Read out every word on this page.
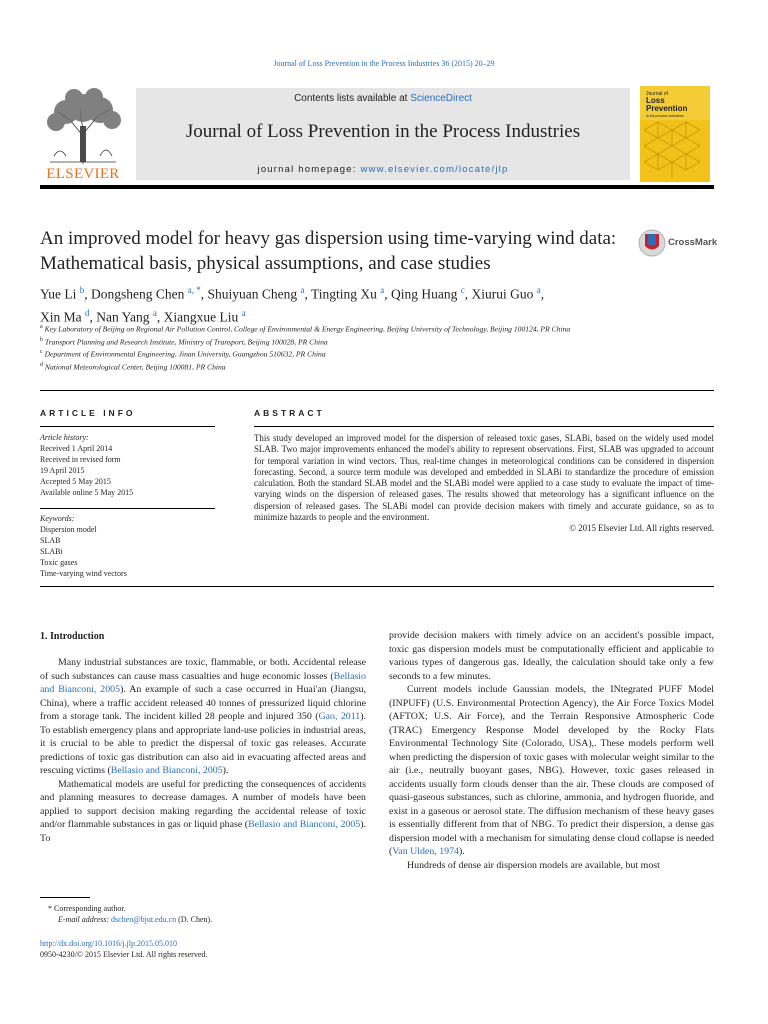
Journal of Loss Prevention in the Process Industries 36 (2015) 20–29
ELSEVIER
Contents lists available at ScienceDirect
Journal of Loss Prevention in the Process Industries
journal homepage: www.elsevier.com/locate/jlp
Journal of
Loss
Prevention
in the process industries
An improved model for heavy gas dispersion using time-varying wind data: Mathematical basis, physical assumptions, and case studies
CrossMark
Yue Li $^b$, Dongsheng Chen $^{a, *}$, Shuiyuan Cheng $^a$, Tingting Xu $^a$, Qing Huang $^c$, Xiurui Guo $^a$,
Xin Ma $^d$, Nan Yang $^a$, Xiangxue Liu $^a$
$^a$ Key Laboratory of Beijing on Regional Air Pollution Control, College of Environmental & Energy Engineering, Beijing University of Technology, Beijing 100124, PR China
$^b$ Transport Planning and Research Institute, Ministry of Transport, Beijing 100028, PR China
$^c$ Department of Environmental Engineering, Jinan University, Guangzhou 510632, PR China
$^d$ National Meteorological Center, Beijing 100081, PR China
ARTICLE INFO
Article history:
Received 1 April 2014
Received in revised form
19 April 2015
Accepted 5 May 2015
Available online 5 May 2015
Keywords:
Dispersion model
SLAB
SLABi
Toxic gases
Time-varying wind vectors
ABSTRACT
This study developed an improved model for the dispersion of released toxic gases, SLABi, based on the widely used model SLAB. Two major improvements enhanced the model's ability to represent observations. First, SLAB was upgraded to account for temporal variation in wind vectors. Thus, real-time changes in meteorological conditions can be considered in dispersion forecasting. Second, a source term module was developed and embedded in SLABi to standardize the procedure of emission calculation. Both the standard SLAB model and the SLABi model were applied to a case study to evaluate the impact of time-varying winds on the dispersion of released gases. The results showed that meteorology has a significant influence on the dispersion of released gases. The SLABi model can provide decision makers with timely and accurate guidance, so as to minimize hazards to people and the environment.
© 2015 Elsevier Ltd. All rights reserved.
1. Introduction

Many industrial substances are toxic, flammable, or both. Accidental release of such substances can cause mass casualties and huge economic losses (Bellasio and Bianconi, 2005). An example of such a case occurred in Huai'an (Jiangsu, China), where a traffic accident released 40 tonnes of pressurized liquid chlorine from a storage tank. The incident killed 28 people and injured 350 (Gao, 2011). To establish emergency plans and appropriate land-use policies in industrial areas, it is crucial to be able to predict the dispersal of toxic gas releases. Accurate predictions of toxic gas distribution can also aid in evacuating affected areas and rescuing victims (Bellasio and Bianconi, 2005).

Mathematical models are useful for predicting the consequences of accidents and planning measures to decrease damages. A number of models have been applied to support decision making regarding the accidental release of toxic and/or flammable substances in gas or liquid phase (Bellasio and Bianconi, 2005). To

provide decision makers with timely advice on an accident's possible impact, toxic gas dispersion models must be computationally efficient and applicable to various types of dangerous gas. Ideally, the calculation should take only a few seconds to a few minutes.

Current models include Gaussian models, the INtegrated PUFF Model (INPUFF) (U.S. Environmental Protection Agency), the Air Force Toxics Model (AFTOX; U.S. Air Force), and the Terrain Responsive Atmospheric Code (TRAC) Emergency Response Model developed by the Rocky Flats Environmental Technology Site (Colorado, USA),. These models perform well when predicting the dispersion of toxic gases with molecular weight similar to the air (i.e., neutrally buoyant gases, NBG). However, toxic gases released in accidents usually form clouds denser than the air. These clouds are composed of quasi-gaseous substances, such as chlorine, ammonia, and hydrogen fluoride, and exist in a gaseous or aerosol state. The diffusion mechanism of these heavy gases is essentially different from that of NBG. To predict their dispersion, a dense gas dispersion model with a mechanism for simulating dense cloud collapse is needed (Van Ulden, 1974).

Hundreds of dense air dispersion models are available, but most

* Corresponding author.
E-mail address: dschen@bjut.edu.cn (D. Chen).
http://dx.doi.org/10.1016/j.jlp.2015.05.010
0950-4230/© 2015 Elsevier Ltd. All rights reserved.
